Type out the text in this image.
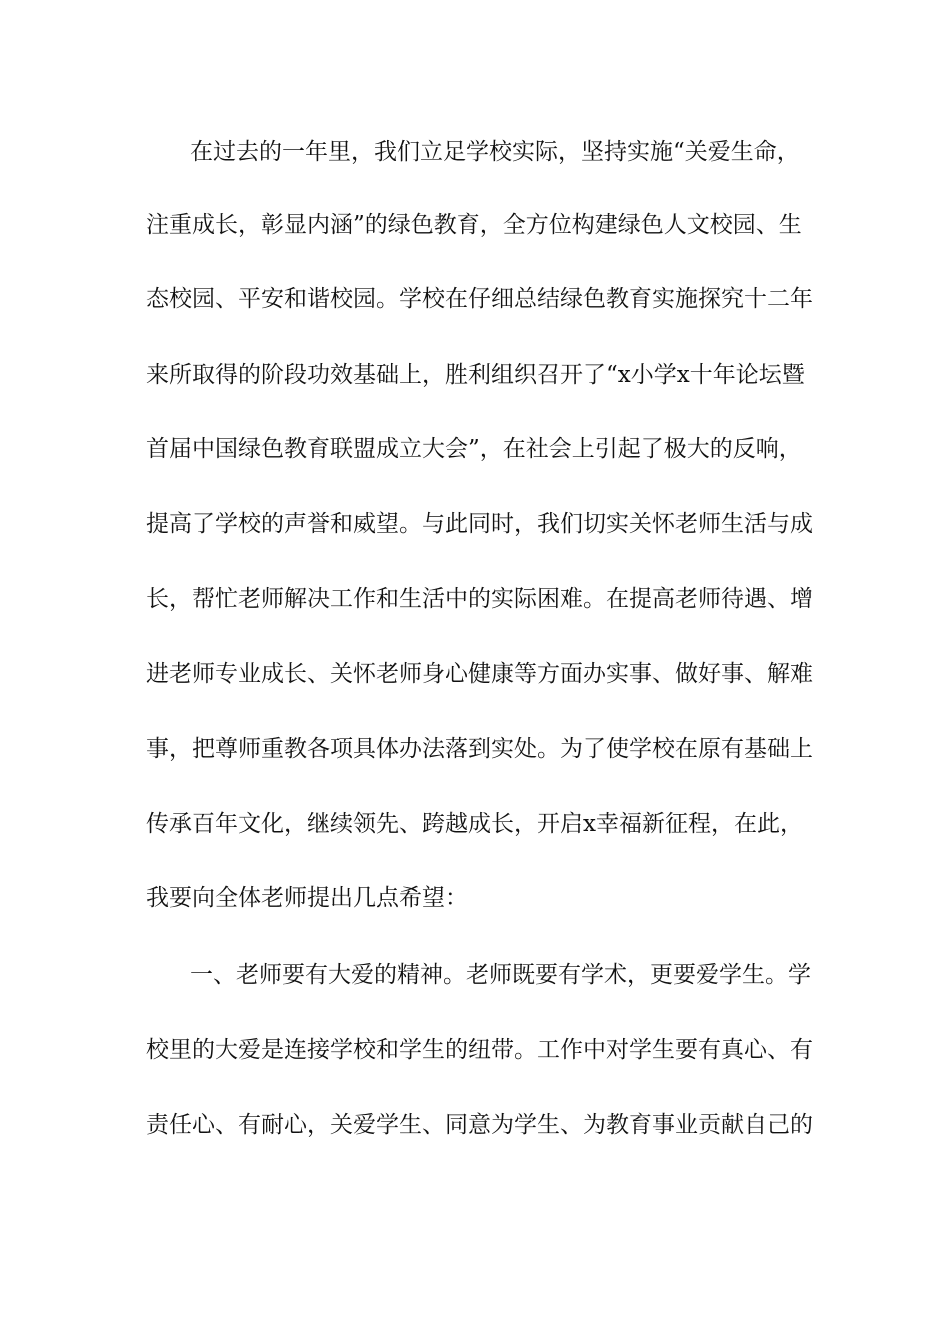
在过去的一年里，我们立足学校实际，坚持实施“关爱生命，
注重成长，彰显内涵”的绿色教育，全方位构建绿色人文校园、生
态校园、平安和谐校园。学校在仔细总结绿色教育实施探究十二年
来所取得的阶段功效基础上，胜利组织召开了“x小学x十年论坛暨
首届中国绿色教育联盟成立大会”，在社会上引起了极大的反响，
提高了学校的声誉和威望。与此同时，我们切实关怀老师生活与成
长，帮忙老师解决工作和生活中的实际困难。在提高老师待遇、增
进老师专业成长、关怀老师身心健康等方面办实事、做好事、解难
事，把尊师重教各项具体办法落到实处。为了使学校在原有基础上
传承百年文化，继续领先、跨越成长，开启x幸福新征程，在此，
我要向全体老师提出几点希望：
一、老师要有大爱的精神。老师既要有学术，更要爱学生。学
校里的大爱是连接学校和学生的纽带。工作中对学生要有真心、有
责任心、有耐心，关爱学生、同意为学生、为教育事业贡献自己的
